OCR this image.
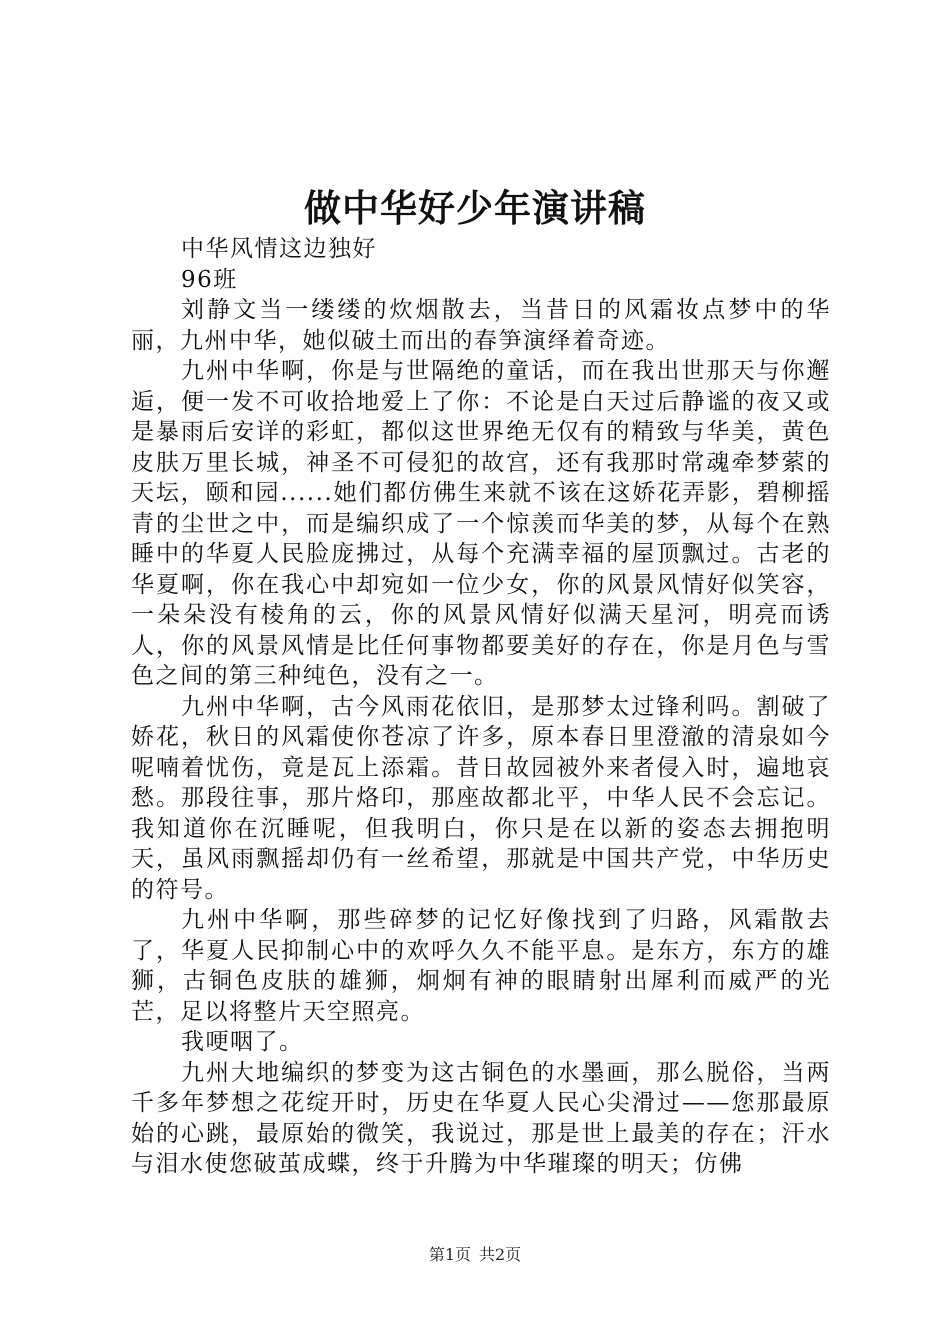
做中华好少年演讲稿

中华风情这边独好

96班

刘静文当一缕缕的炊烟散去，当昔日的风霜妆点梦中的华丽，九州中华，她似破土而出的春笋演绎着奇迹。

九州中华啊，你是与世隔绝的童话，而在我出世那天与你邂逅，便一发不可收拾地爱上了你：不论是白天过后静谧的夜又或是暴雨后安详的彩虹，都似这世界绝无仅有的精致与华美，黄色皮肤万里长城，神圣不可侵犯的故宫，还有我那时常魂牵梦萦的天坛，颐和园......她们都仿佛生来就不该在这娇花弄影，碧柳摇青的尘世之中，而是编织成了一个惊羡而华美的梦，从每个在熟睡中的华夏人民脸庞拂过，从每个充满幸福的屋顶飘过。古老的华夏啊，你在我心中却宛如一位少女，你的风景风情好似笑容，一朵朵没有棱角的云，你的风景风情好似满天星河，明亮而诱人，你的风景风情是比任何事物都要美好的存在，你是月色与雪色之间的第三种纯色，没有之一。

九州中华啊，古今风雨花依旧，是那梦太过锋利吗。割破了娇花，秋日的风霜使你苍凉了许多，原本春日里澄澈的清泉如今呢喃着忧伤，竟是瓦上添霜。昔日故园被外来者侵入时，遍地哀愁。那段往事，那片烙印，那座故都北平，中华人民不会忘记。我知道你在沉睡呢，但我明白，你只是在以新的姿态去拥抱明天，虽风雨飘摇却仍有一丝希望，那就是中国共产党，中华历史的符号。

九州中华啊，那些碎梦的记忆好像找到了归路，风霜散去了，华夏人民抑制心中的欢呼久久不能平息。是东方，东方的雄狮，古铜色皮肤的雄狮，炯炯有神的眼睛射出犀利而威严的光芒，足以将整片天空照亮。

我哽咽了。

九州大地编织的梦变为这古铜色的水墨画，那么脱俗，当两千多年梦想之花绽开时，历史在华夏人民心尖滑过——您那最原始的心跳，最原始的微笑，我说过，那是世上最美的存在；汗水与泪水使您破茧成蝶，终于升腾为中华璀璨的明天；仿佛

第1页 共2页
